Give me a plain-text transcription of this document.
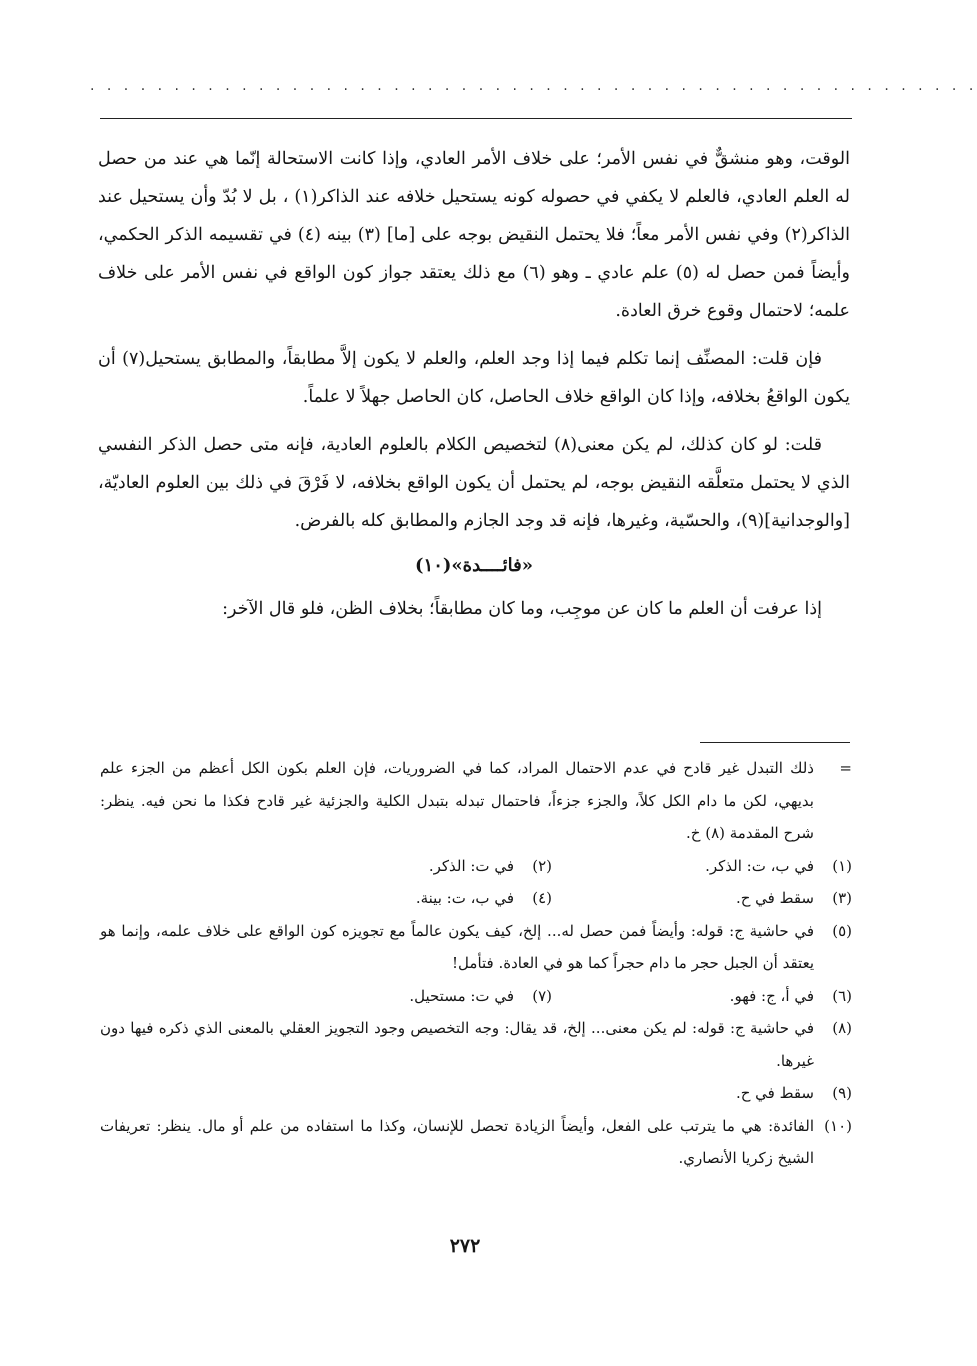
. . . . . . . . . . . . . . . . . . . . . . . . . . . . . . . . . . . . . . . . . . . . . . . . . . . . .

الوقت، وهو منشقٌّ في نفس الأمر؛ على خلاف الأمر العادي، وإذا كانت الاستحالة إنّما هي عند من حصل له العلم العادي، فالعلم لا يكفي في حصوله كونه يستحيل خلافه عند الذاكر(١) ، بل لا بُدّ وأن يستحيل عند الذاكر(٢) وفي نفس الأمر معاً؛ فلا يحتمل النقيض بوجه على [ما] (٣) بينه (٤) في تقسيمه الذكر الحكمي، وأيضاً فمن حصل له (٥) علم عادي ـ وهو (٦) مع ذلك يعتقد جواز كون الواقع في نفس الأمر على خلاف علمه؛ لاحتمال وقوع خرق العادة.

فإن قلت: المصنِّف إنما تكلم فيما إذا وجد العلم، والعلم لا يكون إلاَّ مطابقاً، والمطابق يستحيل(٧) أن يكون الواقعُ بخلافه، وإذا كان الواقع خلاف الحاصل، كان الحاصل جهلاً لا علماً.

قلت: لو كان كذلك، لم يكن معنى(٨) لتخصيص الكلام بالعلوم العادية، فإنه متى حصل الذكر النفسي الذي لا يحتمل متعلَّقه النقيض بوجه، لم يحتمل أن يكون الواقع بخلافه، لا فَرْقَ في ذلك بين العلوم العاديّة، [والوجدانية](٩)، والحسّية، وغيرها، فإنه قد وجد الجازم والمطابق كله بالفرض.

«فائــــدة»(١٠)

إذا عرفت أن العلم ما كان عن موجِب، وما كان مطابقاً؛ بخلاف الظن، فلو قال الآخر:

=
ذلك التبدل غير قادح في عدم الاحتمال المراد، كما في الضروريات، فإن العلم بكون الكل أعظم من الجزء علم بديهي، لكن ما دام الكل كلاً، والجزء جزءاً، فاحتمال تبدله بتبدل الكلية والجزئية غير قادح فكذا ما نحن فيه. ينظر: شرح المقدمة (٨) خ.
(١)
في ب، ت: الذكر.
(٢)
في ت: الذكر.
(٣)
سقط في ح.
(٤)
في ب، ت: بينة.
(٥)
في حاشية ج: قوله: وأيضاً فمن حصل له... إلخ، كيف يكون عالماً مع تجويزه كون الواقع على خلاف علمه، وإنما هو يعتقد أن الجبل حجر ما دام حجراً كما هو في العادة. فتأمل!
(٦)
في أ، ج: فهو.
(٧)
في ت: مستحيل.
(٨)
في حاشية ج: قوله: لم يكن معنى... إلخ، قد يقال: وجه التخصيص وجود التجويز العقلي بالمعنى الذي ذكره فيها دون غيرها.
(٩)
سقط في ح.
(١٠)
الفائدة: هي ما يترتب على الفعل، وأيضاً الزيادة تحصل للإنسان، وكذا ما استفاده من علم أو مال. ينظر: تعريفات الشيخ زكريا الأنصاري.
٢٧٢
